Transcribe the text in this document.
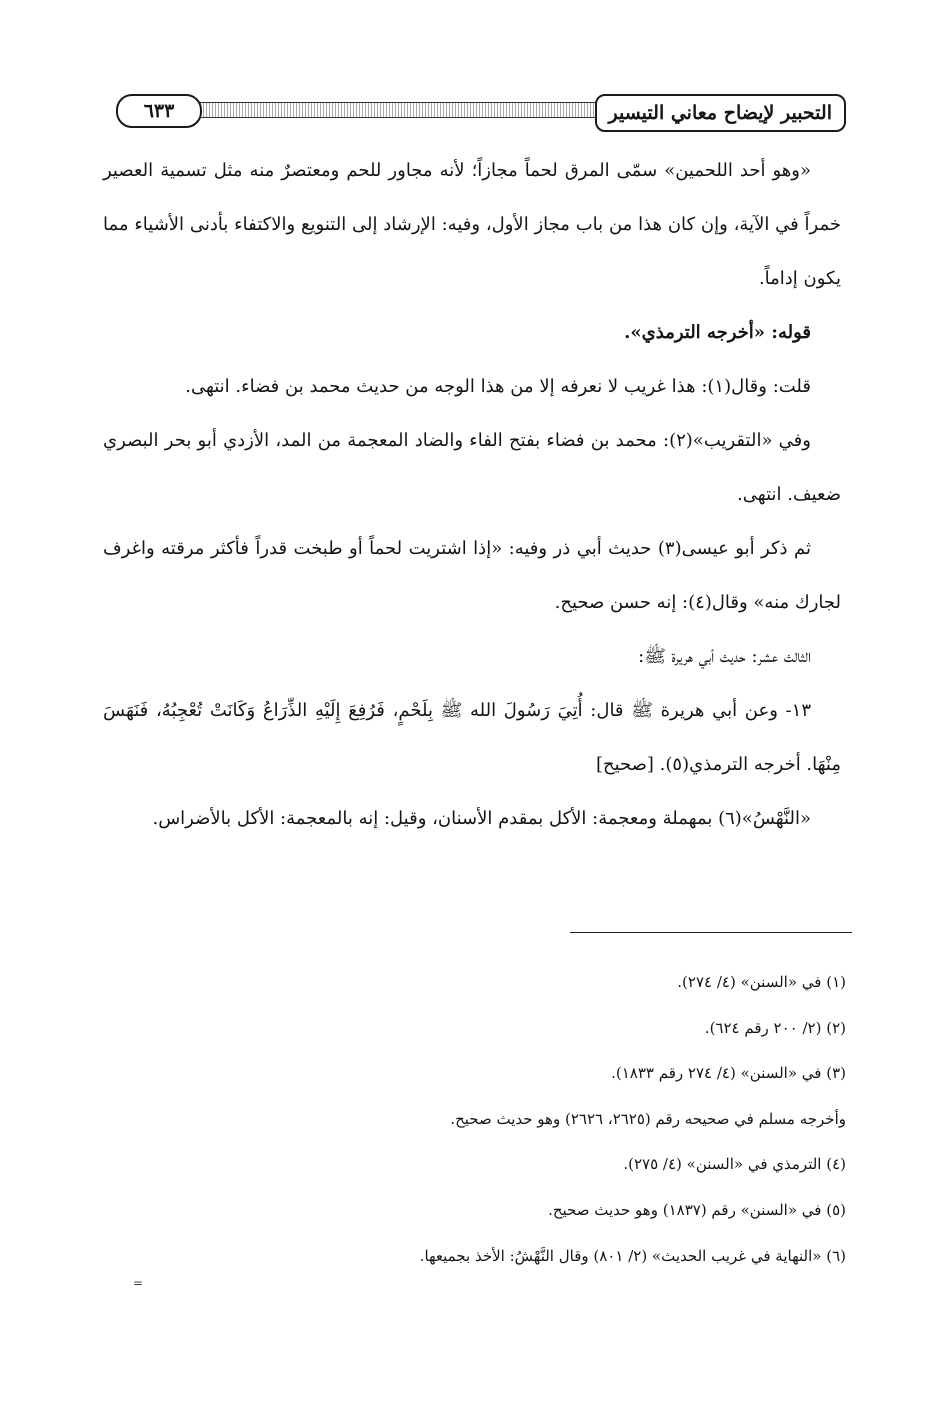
التحبير لإيضاح معاني التيسير
٦٣٣

«وهو أحد اللحمين» سمّى المرق لحماً مجازاً؛ لأنه مجاور للحم ومعتصرٌ منه مثل تسمية العصير خمراً في الآية، وإن كان هذا من باب مجاز الأول، وفيه: الإرشاد إلى التنويع والاكتفاء بأدنى الأشياء مما يكون إداماً.

قوله: «أخرجه الترمذي».

قلت: وقال(١): هذا غريب لا نعرفه إلا من هذا الوجه من حديث محمد بن فضاء. انتهى.

وفي «التقريب»(٢): محمد بن فضاء بفتح الفاء والضاد المعجمة من المد، الأزدي أبو بحر البصري ضعيف. انتهى.

ثم ذكر أبو عيسى(٣) حديث أبي ذر وفيه: «إذا اشتريت لحماً أو طبخت قدراً فأكثر مرقته واغرف لجارك منه» وقال(٤): إنه حسن صحيح.

الثالث عشر: حديث أبي هريرة ﷺ:

١٣- وعن أبي هريرة ﷺ قال: أُتِيَ رَسُولَ الله ﷺ بِلَحْمٍ، فَرُفِعَ إِلَيْهِ الذِّرَاعُ وَكَانَتْ تُعْجِبُهُ، فَنَهَسَ مِنْهَا. أخرجه الترمذي(٥). [صحيح]

«النَّهْسُ»(٦) بمهملة ومعجمة: الأكل بمقدم الأسنان، وقيل: إنه بالمعجمة: الأكل بالأضراس.

(١) في «السنن» (٤/ ٢٧٤).

(٢) (٢/ ٢٠٠ رقم ٦٢٤).

(٣) في «السنن» (٤/ ٢٧٤ رقم ١٨٣٣).

وأخرجه مسلم في صحيحه رقم (٢٦٢٥، ٢٦٢٦) وهو حديث صحيح.

(٤) الترمذي في «السنن» (٤/ ٢٧٥).

(٥) في «السنن» رقم (١٨٣٧) وهو حديث صحيح.

(٦) «النهاية في غريب الحديث» (٢/ ٨٠١) وقال النَّهْشُ: الأخذ بجميعها.

=
